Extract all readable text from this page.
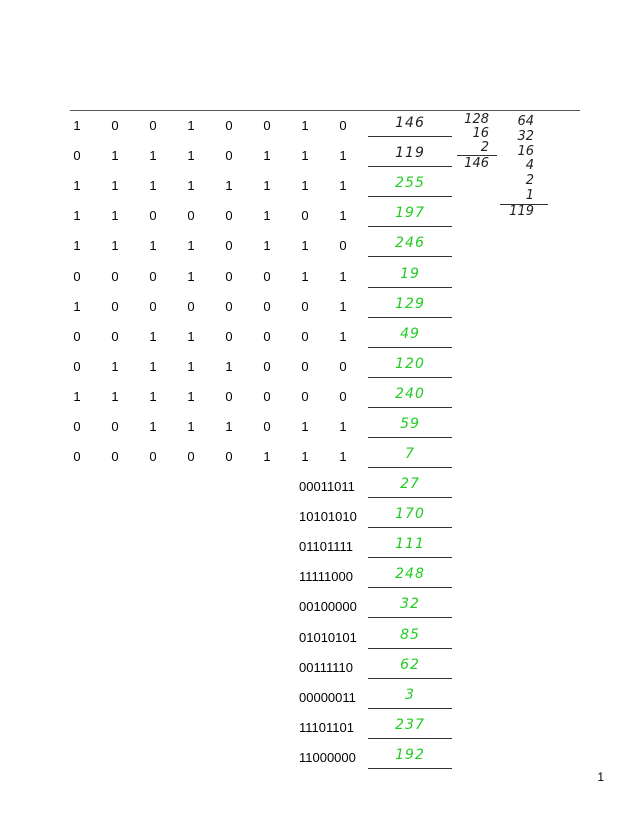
1	0	0	1	0	0	1	0	146
0	1	1	1	0	1	1	1	119
1	1	1	1	1	1	1	1	255
1	1	0	0	0	1	0	1	197
1	1	1	1	0	1	1	0	246
0	0	0	1	0	0	1	1	19
1	0	0	0	0	0	0	1	129
0	0	1	1	0	0	0	1	49
0	1	1	1	1	0	0	0	120
1	1	1	1	0	0	0	0	240
0	0	1	1	1	0	1	1	59
0	0	0	0	0	1	1	1	7
00011011	27
10101010	170
01101111	111
11111000	248
00100000	32
01010101	85
00111110	62
00000011	3
11101101	237
11000000	192
128
16
2
146
64
32
16
4
2
1
119
1
